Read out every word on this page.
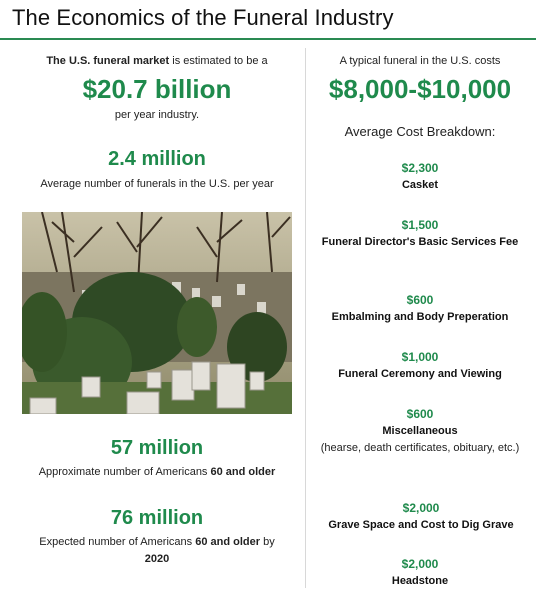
The Economics of the Funeral Industry
The U.S. funeral market is estimated to be a
$20.7 billion
per year industry.
2.4 million
Average number of funerals in the U.S. per year
57 million
Approximate number of Americans 60 and older
76 million
Expected number of Americans 60 and older by
2020
A typical funeral in the U.S. costs
$8,000-$10,000
Average Cost Breakdown:
$2,300
Casket
$1,500
Funeral Director's Basic Services Fee
$600
Embalming and Body Preperation
$1,000
Funeral Ceremony and Viewing
$600
Miscellaneous
(hearse, death certificates, obituary, etc.)
$2,000
Grave Space and Cost to Dig Grave
$2,000
Headstone
